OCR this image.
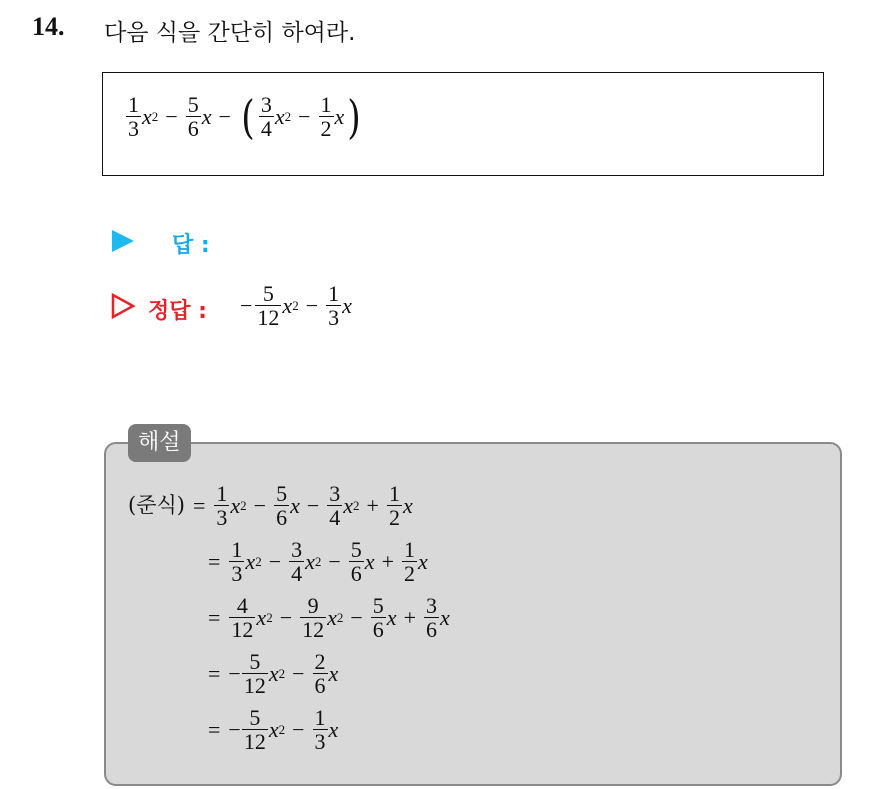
14. 다음 식을 간단히 하여라.
$\frac{1}{3}$ x $2 - \frac{5}{6}$ x − ( $\frac{3}{4}$ x $2 - \frac{1}{2}$ x )
답 :
정답 : − $\frac{5}{12}$ x $2 - \frac{1}{3}$ x
(준식) = $\frac{1}{3}$ x $2 - \frac{5}{6}$ $x - \frac{3}{4}$ x $2 + \frac{1}{2}$ x
= $\frac{1}{3}$ x $2 - \frac{3}{4}$ x $2 - \frac{5}{6}$ $x + \frac{1}{2}$ x
= $\frac{4}{12}$ x $2 - \frac{9}{12}$ x $2 - \frac{5}{6}$ $x + \frac{3}{6}$ x
= − $\frac{5}{12}$ x $2 - \frac{2}{6}$ x
= − $\frac{5}{12}$ x $2 - \frac{1}{3}$ x
해설
